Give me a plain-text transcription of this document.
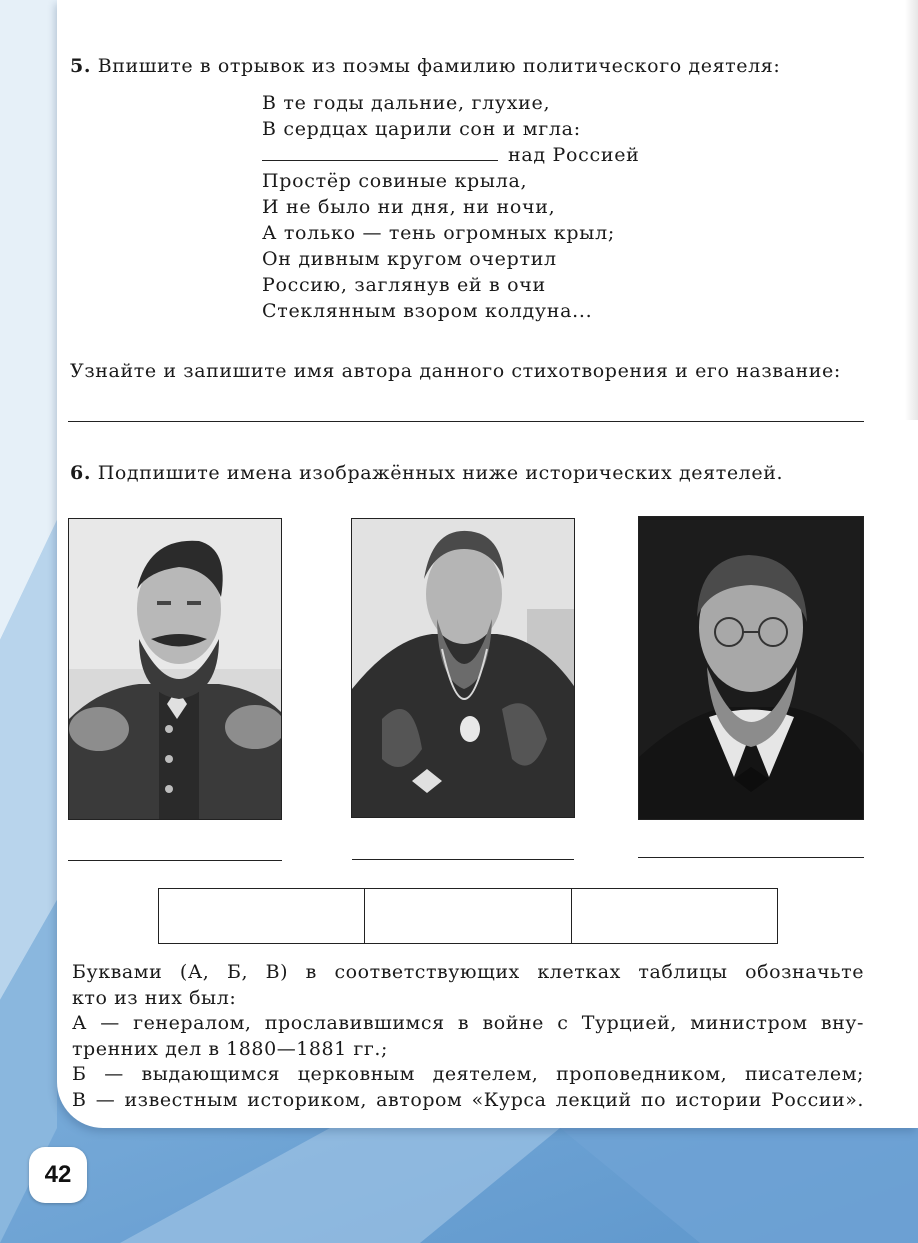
5. Впишите в отрывок из поэмы фамилию политического деятеля:
В те годы дальние, глухие,
В сердцах царили сон и мгла:
над Россией
Простёр совиные крыла,
И не было ни дня, ни ночи,
А только — тень огромных крыл;
Он дивным кругом очертил
Россию, заглянув ей в очи
Стеклянным взором колдуна...
Узнайте и запишите имя автора данного стихотворения и его название:
6. Подпишите имена изображённых ниже исторических деятелей.

Буквами (А, Б, В) в соответствующих клетках таблицы обозначьте
кто из них был:
А — генералом, прославившимся в войне с Турцией, министром вну-
тренних дел в 1880—1881 гг.;
Б — выдающимся церковным деятелем, проповедником, писателем;
В — известным историком, автором «Курса лекций по истории России».
42
